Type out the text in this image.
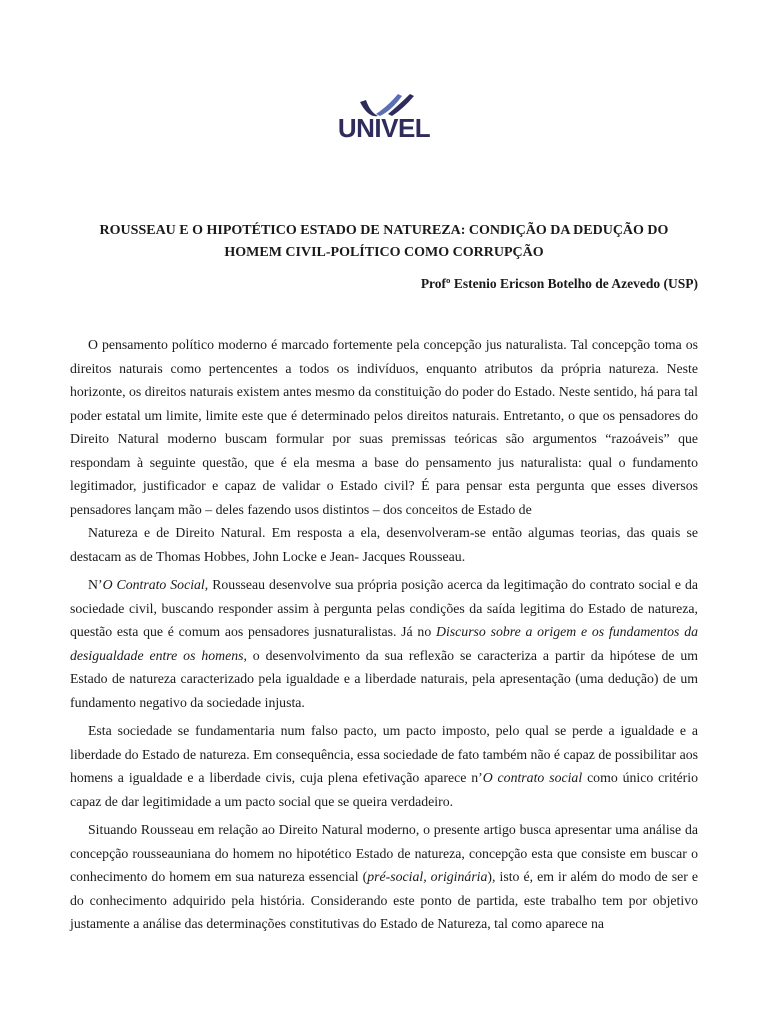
UNIVEL
ROUSSEAU E O HIPOTÉTICO ESTADO DE NATUREZA: CONDIÇÃO DA DEDUÇÃO DO
HOMEM CIVIL-POLÍTICO COMO CORRUPÇÃO
Profº Estenio Ericson Botelho de Azevedo (USP)

O pensamento político moderno é marcado fortemente pela concepção jus naturalista. Tal concepção toma os direitos naturais como pertencentes a todos os indivíduos, enquanto atributos da própria natureza. Neste horizonte, os direitos naturais existem antes mesmo da constituição do poder do Estado. Neste sentido, há para tal poder estatal um limite, limite este que é determinado pelos direitos naturais. Entretanto, o que os pensadores do Direito Natural moderno buscam formular por suas premissas teóricas são argumentos “razoáveis” que respondam à seguinte questão, que é ela mesma a base do pensamento jus naturalista: qual o fundamento legitimador, justificador e capaz de validar o Estado civil? É para pensar esta pergunta que esses diversos pensadores lançam mão – deles fazendo usos distintos – dos conceitos de Estado de

Natureza e de Direito Natural. Em resposta a ela, desenvolveram-se então algumas teorias, das quais se destacam as de Thomas Hobbes, John Locke e Jean- Jacques Rousseau.

N’O Contrato Social, Rousseau desenvolve sua própria posição acerca da legitimação do contrato social e da sociedade civil, buscando responder assim à pergunta pelas condições da saída legitima do Estado de natureza, questão esta que é comum aos pensadores jusnaturalistas. Já no Discurso sobre a origem e os fundamentos da desigualdade entre os homens, o desenvolvimento da sua reflexão se caracteriza a partir da hipótese de um Estado de natureza caracterizado pela igualdade e a liberdade naturais, pela apresentação (uma dedução) de um fundamento negativo da sociedade injusta.

Esta sociedade se fundamentaria num falso pacto, um pacto imposto, pelo qual se perde a igualdade e a liberdade do Estado de natureza. Em consequência, essa sociedade de fato também não é capaz de possibilitar aos homens a igualdade e a liberdade civis, cuja plena efetivação aparece n’O contrato social como único critério capaz de dar legitimidade a um pacto social que se queira verdadeiro.

Situando Rousseau em relação ao Direito Natural moderno, o presente artigo busca apresentar uma análise da concepção rousseauniana do homem no hipotético Estado de natureza, concepção esta que consiste em buscar o conhecimento do homem em sua natureza essencial (pré-social, originária), isto é, em ir além do modo de ser e do conhecimento adquirido pela história. Considerando este ponto de partida, este trabalho tem por objetivo justamente a análise das determinações constitutivas do Estado de Natureza, tal como aparece na
